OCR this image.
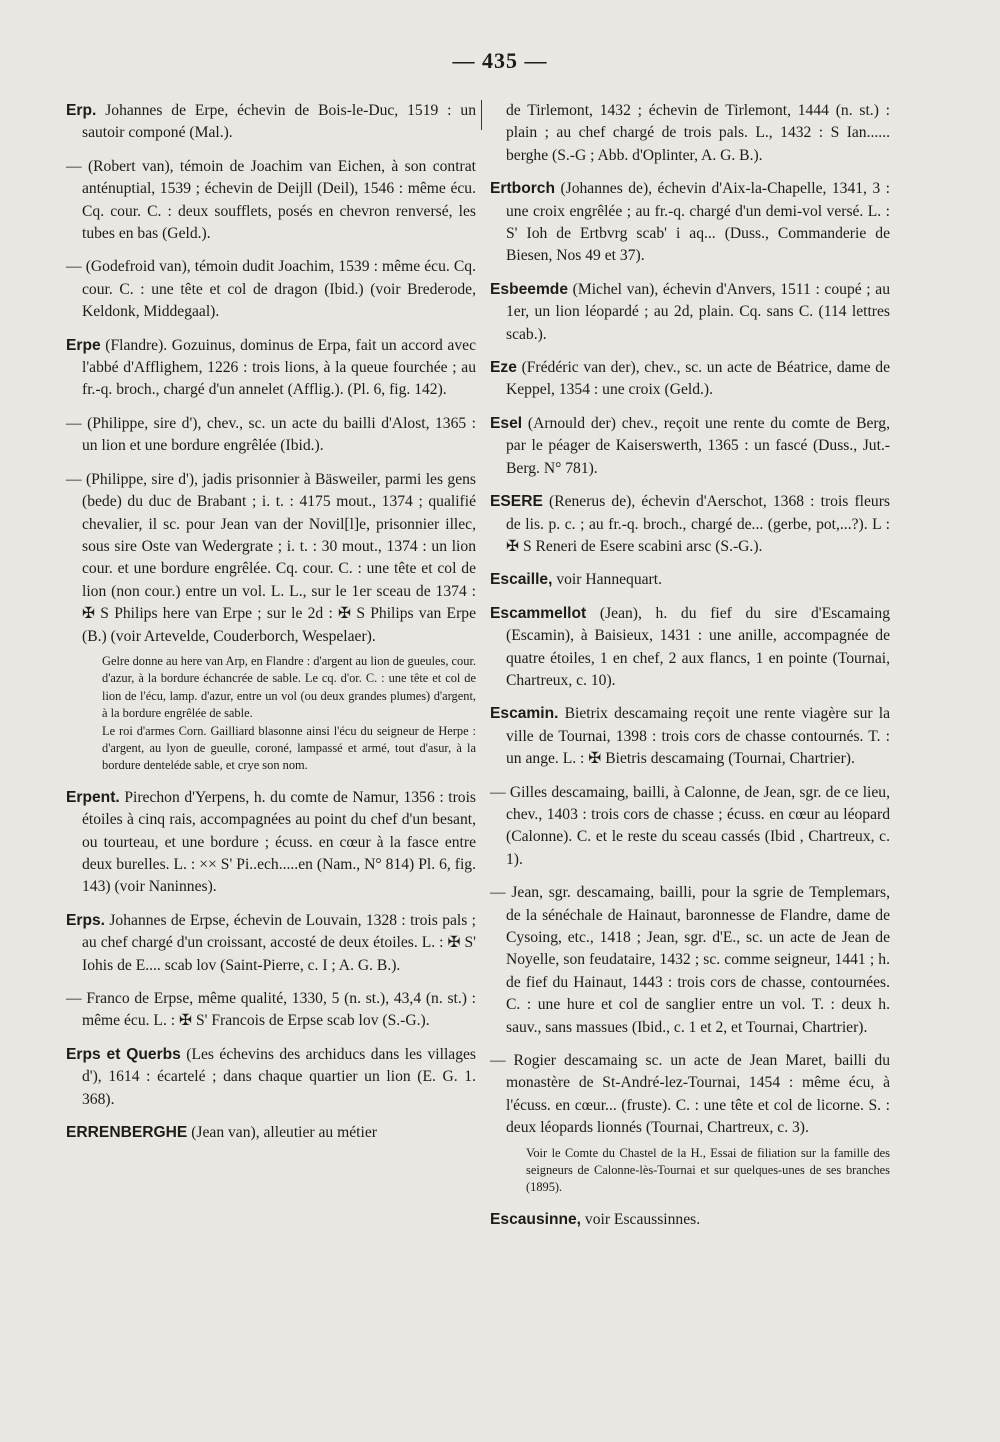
— 435 —

Erp. Johannes de Erpe, échevin de Bois-le-Duc, 1519 : un sautoir componé (Mal.).

— (Robert van), témoin de Joachim van Eichen, à son contrat anténuptial, 1539 ; échevin de Deijll (Deil), 1546 : même écu. Cq. cour. C. : deux soufflets, posés en chevron renversé, les tubes en bas (Geld.).

— (Godefroid van), témoin dudit Joachim, 1539 : même écu. Cq. cour. C. : une tête et col de dragon (Ibid.) (voir Brederode, Keldonk, Middegaal).

Erpe (Flandre). Gozuinus, dominus de Erpa, fait un accord avec l'abbé d'Afflighem, 1226 : trois lions, à la queue fourchée ; au fr.-q. broch., chargé d'un annelet (Afflig.). (Pl. 6, fig. 142).

— (Philippe, sire d'), chev., sc. un acte du bailli d'Alost, 1365 : un lion et une bordure engrêlée (Ibid.).

— (Philippe, sire d'), jadis prisonnier à Bäsweiler, parmi les gens (bede) du duc de Brabant ; i. t. : 4175 mout., 1374 ; qualifié chevalier, il sc. pour Jean van der Novil[l]e, prisonnier illec, sous sire Oste van Wedergrate ; i. t. : 30 mout., 1374 : un lion cour. et une bordure engrêlée. Cq. cour. C. : une tête et col de lion (non cour.) entre un vol. L. L., sur le 1er sceau de 1374 : ✠ S Philips here van Erpe ; sur le 2d : ✠ S Philips van Erpe (B.) (voir Artevelde, Couderborch, Wespelaer).

Gelre donne au here van Arp, en Flandre : d'argent au lion de gueules, cour. d'azur, à la bordure échancrée de sable. Le cq. d'or. C. : une tête et col de lion de l'écu, lamp. d'azur, entre un vol (ou deux grandes plumes) d'argent, à la bordure engrêlée de sable.

Le roi d'armes Corn. Gailliard blasonne ainsi l'écu du seigneur de Herpe : d'argent, au lyon de gueulle, coroné, lampassé et armé, tout d'asur, à la bordure denteléde sable, et crye son nom.

Erpent. Pirechon d'Yerpens, h. du comte de Namur, 1356 : trois étoiles à cinq rais, accompagnées au point du chef d'un besant, ou tourteau, et une bordure ; écuss. en cœur à la fasce entre deux burelles. L. : ×× S' Pi..ech.....en (Nam., N° 814) Pl. 6, fig. 143) (voir Naninnes).

Erps. Johannes de Erpse, échevin de Louvain, 1328 : trois pals ; au chef chargé d'un croissant, accosté de deux étoiles. L. : ✠ S' Iohis de E.... scab lov (Saint-Pierre, c. I ; A. G. B.).

— Franco de Erpse, même qualité, 1330, 5 (n. st.), 43,4 (n. st.) : même écu. L. : ✠ S' Francois de Erpse scab lov (S.-G.).

Erps et Querbs (Les échevins des archiducs dans les villages d'), 1614 : écartelé ; dans chaque quartier un lion (E. G. 1. 368).

ERRENBERGHE (Jean van), alleutier au métier

de Tirlemont, 1432 ; échevin de Tirlemont, 1444 (n. st.) : plain ; au chef chargé de trois pals. L., 1432 : S Ian...... berghe (S.-G ; Abb. d'Oplinter, A. G. B.).

Ertborch (Johannes de), échevin d'Aix-la-Chapelle, 1341, 3 : une croix engrêlée ; au fr.-q. chargé d'un demi-vol versé. L. : S' Ioh de Ertbvrg scab' i aq... (Duss., Commanderie de Biesen, Nos 49 et 37).

Esbeemde (Michel van), échevin d'Anvers, 1511 : coupé ; au 1er, un lion léopardé ; au 2d, plain. Cq. sans C. (114 lettres scab.).

Eze (Frédéric van der), chev., sc. un acte de Béatrice, dame de Keppel, 1354 : une croix (Geld.).

Esel (Arnould der) chev., reçoit une rente du comte de Berg, par le péager de Kaiserswerth, 1365 : un fascé (Duss., Jut.-Berg. N° 781).

ESERE (Renerus de), échevin d'Aerschot, 1368 : trois fleurs de lis. p. c. ; au fr.-q. broch., chargé de... (gerbe, pot,...?). L : ✠ S Reneri de Esere scabini arsc (S.-G.).

Escaille, voir Hannequart.

Escammellot (Jean), h. du fief du sire d'Escamaing (Escamin), à Baisieux, 1431 : une anille, accompagnée de quatre étoiles, 1 en chef, 2 aux flancs, 1 en pointe (Tournai, Chartreux, c. 10).

Escamin. Bietrix descamaing reçoit une rente viagère sur la ville de Tournai, 1398 : trois cors de chasse contournés. T. : un ange. L. : ✠ Bietris descamaing (Tournai, Chartrier).

— Gilles descamaing, bailli, à Calonne, de Jean, sgr. de ce lieu, chev., 1403 : trois cors de chasse ; écuss. en cœur au léopard (Calonne). C. et le reste du sceau cassés (Ibid , Chartreux, c. 1).

— Jean, sgr. descamaing, bailli, pour la sgrie de Templemars, de la sénéchale de Hainaut, baronnesse de Flandre, dame de Cysoing, etc., 1418 ; Jean, sgr. d'E., sc. un acte de Jean de Noyelle, son feudataire, 1432 ; sc. comme seigneur, 1441 ; h. de fief du Hainaut, 1443 : trois cors de chasse, contournées. C. : une hure et col de sanglier entre un vol. T. : deux h. sauv., sans massues (Ibid., c. 1 et 2, et Tournai, Chartrier).

— Rogier descamaing sc. un acte de Jean Maret, bailli du monastère de St-André-lez-Tournai, 1454 : même écu, à l'écuss. en cœur... (fruste). C. : une tête et col de licorne. S. : deux léopards lionnés (Tournai, Chartreux, c. 3).

Voir le Comte du Chastel de la H., Essai de filiation sur la famille des seigneurs de Calonne-lès-Tournai et sur quelques-unes de ses branches (1895).

Escausinne, voir Escaussinnes.
